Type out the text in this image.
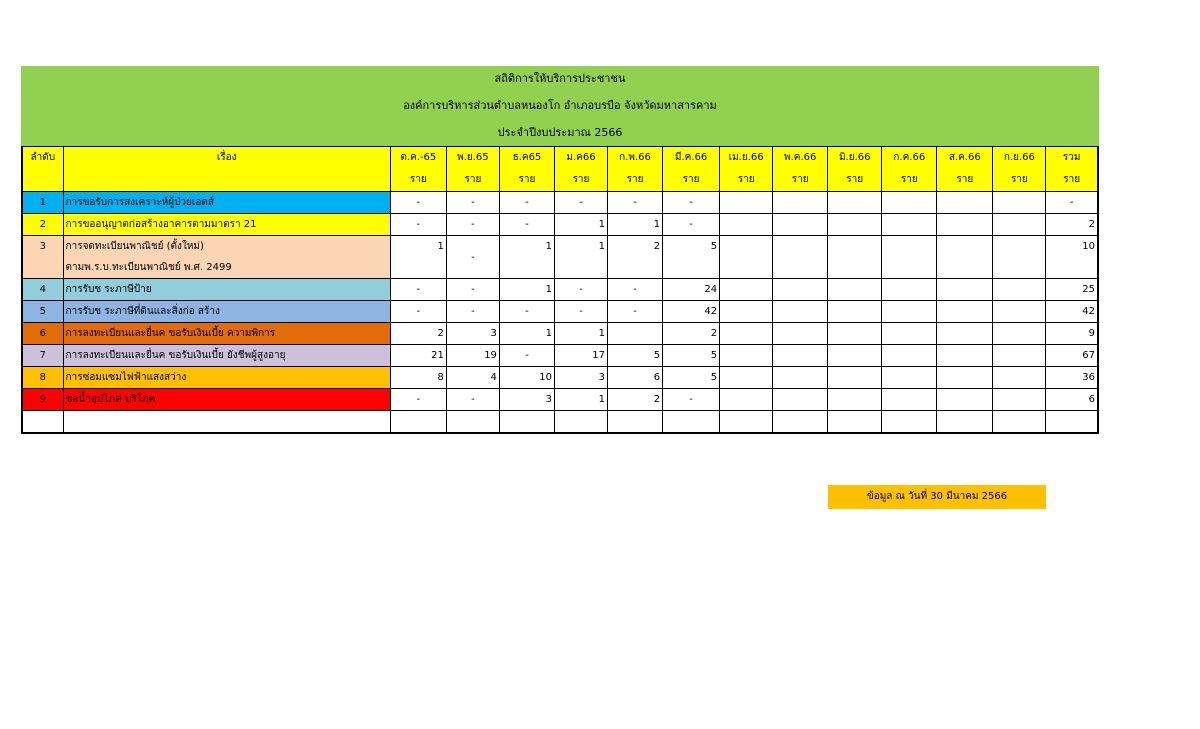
สถิติการให้บริการประชาชน
องค์การบริหารส่วนตำบลหนองโก อำเภอบรบือ จังหวัดมหาสารคาม
ประจำปีงบประมาณ 2566
ลำดับ	เรื่อง	ต.ค.-65	พ.ย.65	ธ.ค65	ม.ค66	ก.พ.66	มี.ค.66	เม.ย.66	พ.ค.66	มิ.ย.66	ก.ค.66	ส.ค.66	ก.ย.66	รวม
		ราย	ราย	ราย	ราย	ราย	ราย	ราย	ราย	ราย	ราย	ราย	ราย	ราย
1	การขอรับการสงเคราะห์ผู้ป่วยเอดส์	-	-	-	-	-	-							-
2	การขออนุญาตก่อสร้างอาคารตามมาตรา 21	-	-	-	1	1	-							2
3	การจดทะเบียนพาณิชย์ (ตั้งใหม่)
ตามพ.ร.บ.ทะเบียนพาณิชย์ พ.ศ. 2499	1	-	1	1	2	5							10
4	การรับช ระภาษีป้าย	-	-	1	-	-	24							25
5	การรับช ระภาษีที่ดินและสิ่งก่อ สร้าง	-	-	-	-	-	42							42
6	การลงทะเบียนและยื่นค ขอรับเงินเบี้ย ความพิการ	2	3	1	1		2							9
7	การลงทะเบียนและยื่นค ขอรับเงินเบี้ย ยังชีพผู้สูงอายุ	21	19	-	17	5	5							67
8	การซ่อมแซมไฟฟ้าแสงสว่าง	8	4	10	3	6	5							36
9	ขอน้ำอุปโภค บริโภค	-	-	3	1	2	-							6

ข้อมูล ณ วันที่ 30 มีนาคม 2566
